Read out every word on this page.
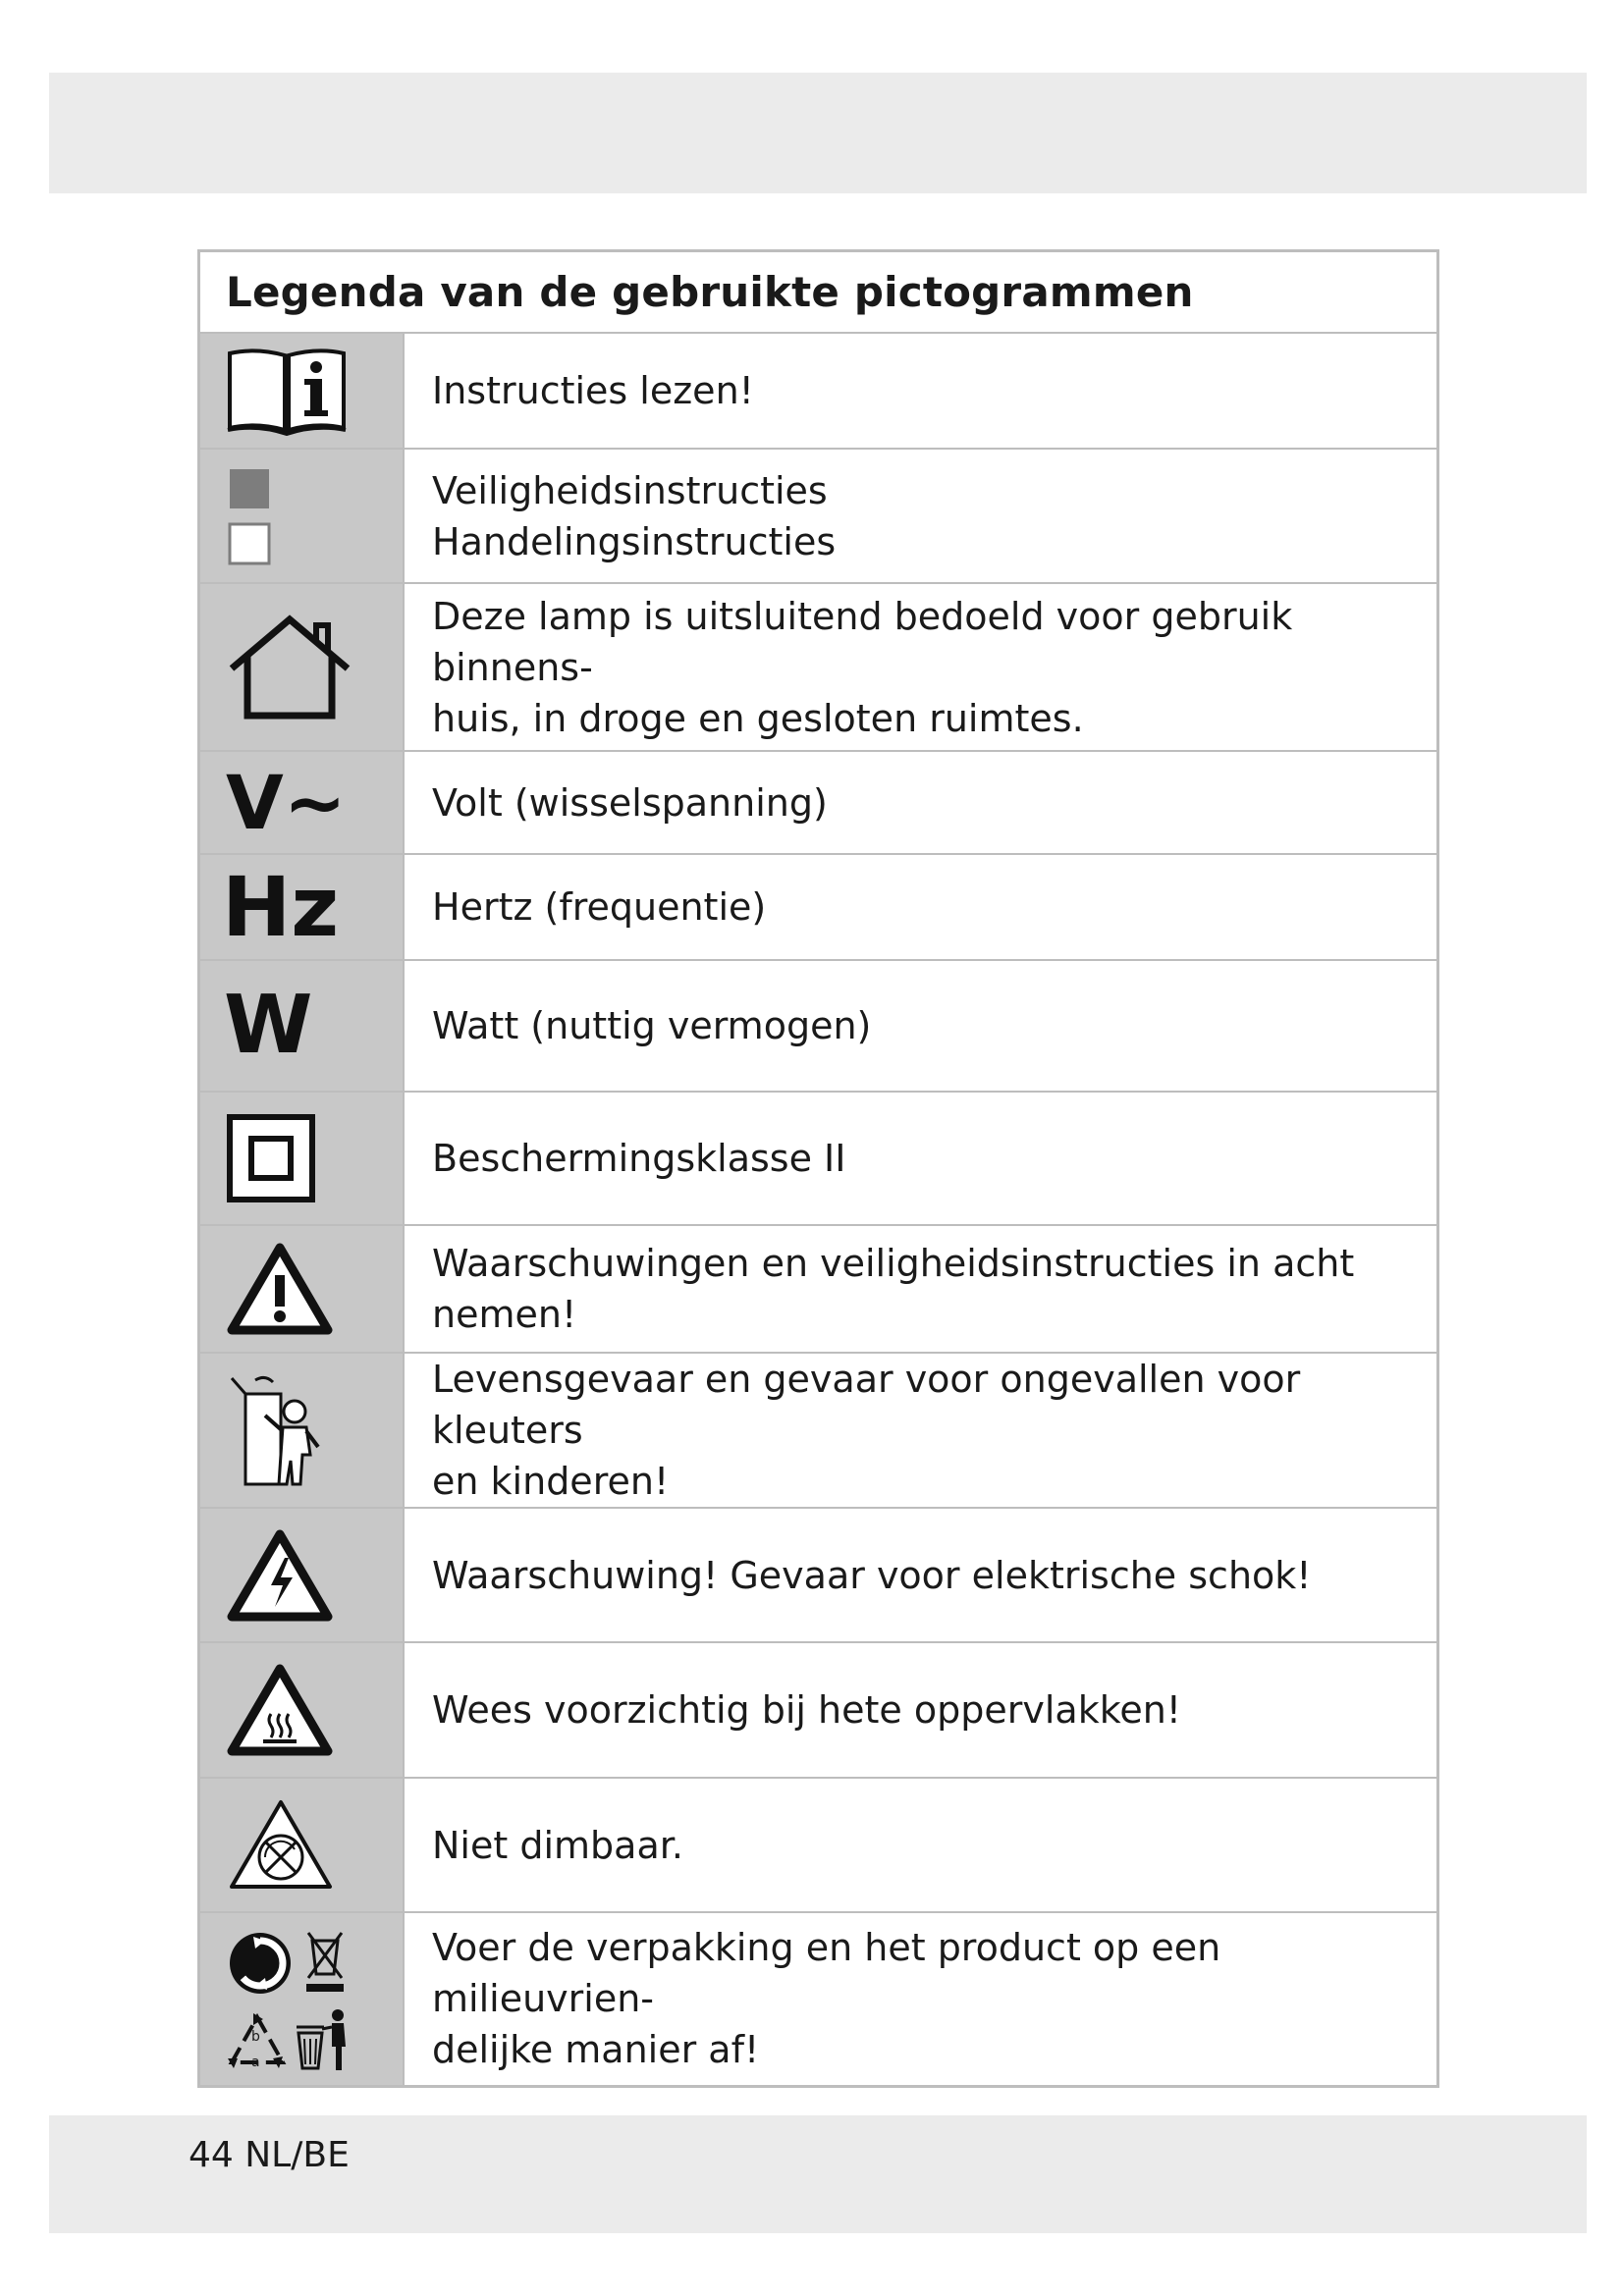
Legenda van de gebruikte pictogrammen	

Instructies lezen!

Veiligheidsinstructies
Handelingsinstructies

Deze lamp is uitsluitend bedoeld voor gebruik binnens-
huis, in droge en gesloten ruimtes.

V~	Volt (wisselspanning)

Hz	Hertz (frequentie)

W	Watt (nuttig vermogen)

Beschermingsklasse II

Waarschuwingen en veiligheidsinstructies in acht nemen!

Levensgevaar en gevaar voor ongevallen voor kleuters
en kinderen!

Waarschuwing! Gevaar voor elektrische schok!

Wees voorzichtig bij hete oppervlakken!

Niet dimbaar.

b
a	Voer de verpakking en het product op een milieuvrien-
delijke manier af!
44 NL/BE
